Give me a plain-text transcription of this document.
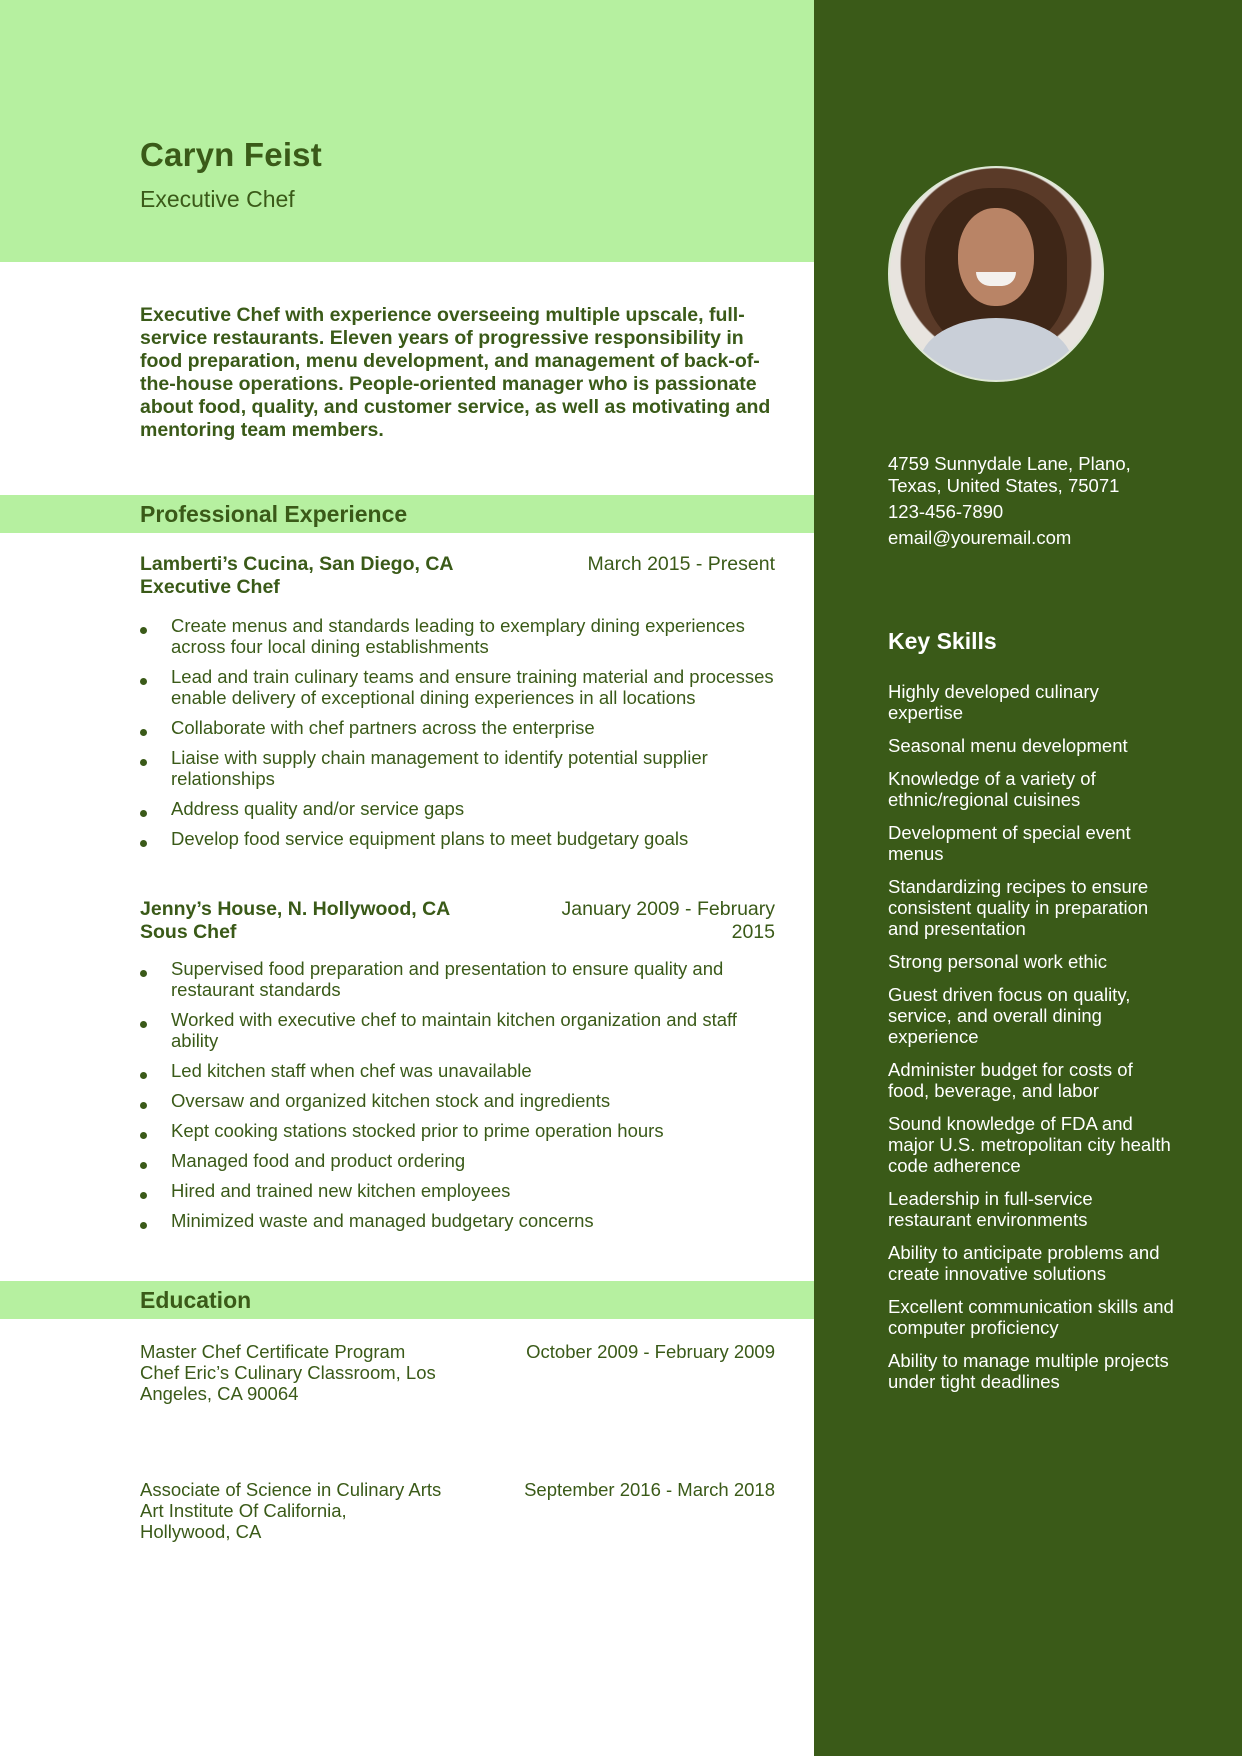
Caryn Feist
Executive Chef
Executive Chef with experience overseeing multiple upscale, full-service restaurants. Eleven years of progressive responsibility in food preparation, menu development, and management of back-of-the-house operations. People-oriented manager who is passionate about food, quality, and customer service, as well as motivating and mentoring team members.
Professional Experience
Lamberti’s Cucina, San Diego, CA
Executive Chef
March 2015 - Present
Create menus and standards leading to exemplary dining experiences across four local dining establishments
Lead and train culinary teams and ensure training material and processes enable delivery of exceptional dining experiences in all locations
Collaborate with chef partners across the enterprise
Liaise with supply chain management to identify potential supplier relationships
Address quality and/or service gaps
Develop food service equipment plans to meet budgetary goals
Jenny’s House, N. Hollywood, CA
Sous Chef
January 2009 - February 2015
Supervised food preparation and presentation to ensure quality and restaurant standards
Worked with executive chef to maintain kitchen organization and staff ability
Led kitchen staff when chef was unavailable
Oversaw and organized kitchen stock and ingredients
Kept cooking stations stocked prior to prime operation hours
Managed food and product ordering
Hired and trained new kitchen employees
Minimized waste and managed budgetary concerns
Education
Master Chef Certificate Program
Chef Eric’s Culinary Classroom, Los Angeles, CA 90064
October 2009 - February 2009
Associate of Science in Culinary Arts
Art Institute Of California, Hollywood, CA
September 2016 - March 2018
4759 Sunnydale Lane, Plano, Texas, United States, 75071
123-456-7890
email@youremail.com
Key Skills
Highly developed culinary expertise
Seasonal menu development
Knowledge of a variety of ethnic/regional cuisines
Development of special event menus
Standardizing recipes to ensure consistent quality in preparation and presentation
Strong personal work ethic
Guest driven focus on quality, service, and overall dining experience
Administer budget for costs of food, beverage, and labor
Sound knowledge of FDA and major U.S. metropolitan city health code adherence
Leadership in full-service restaurant environments
Ability to anticipate problems and create innovative solutions
Excellent communication skills and computer proficiency
Ability to manage multiple projects under tight deadlines
